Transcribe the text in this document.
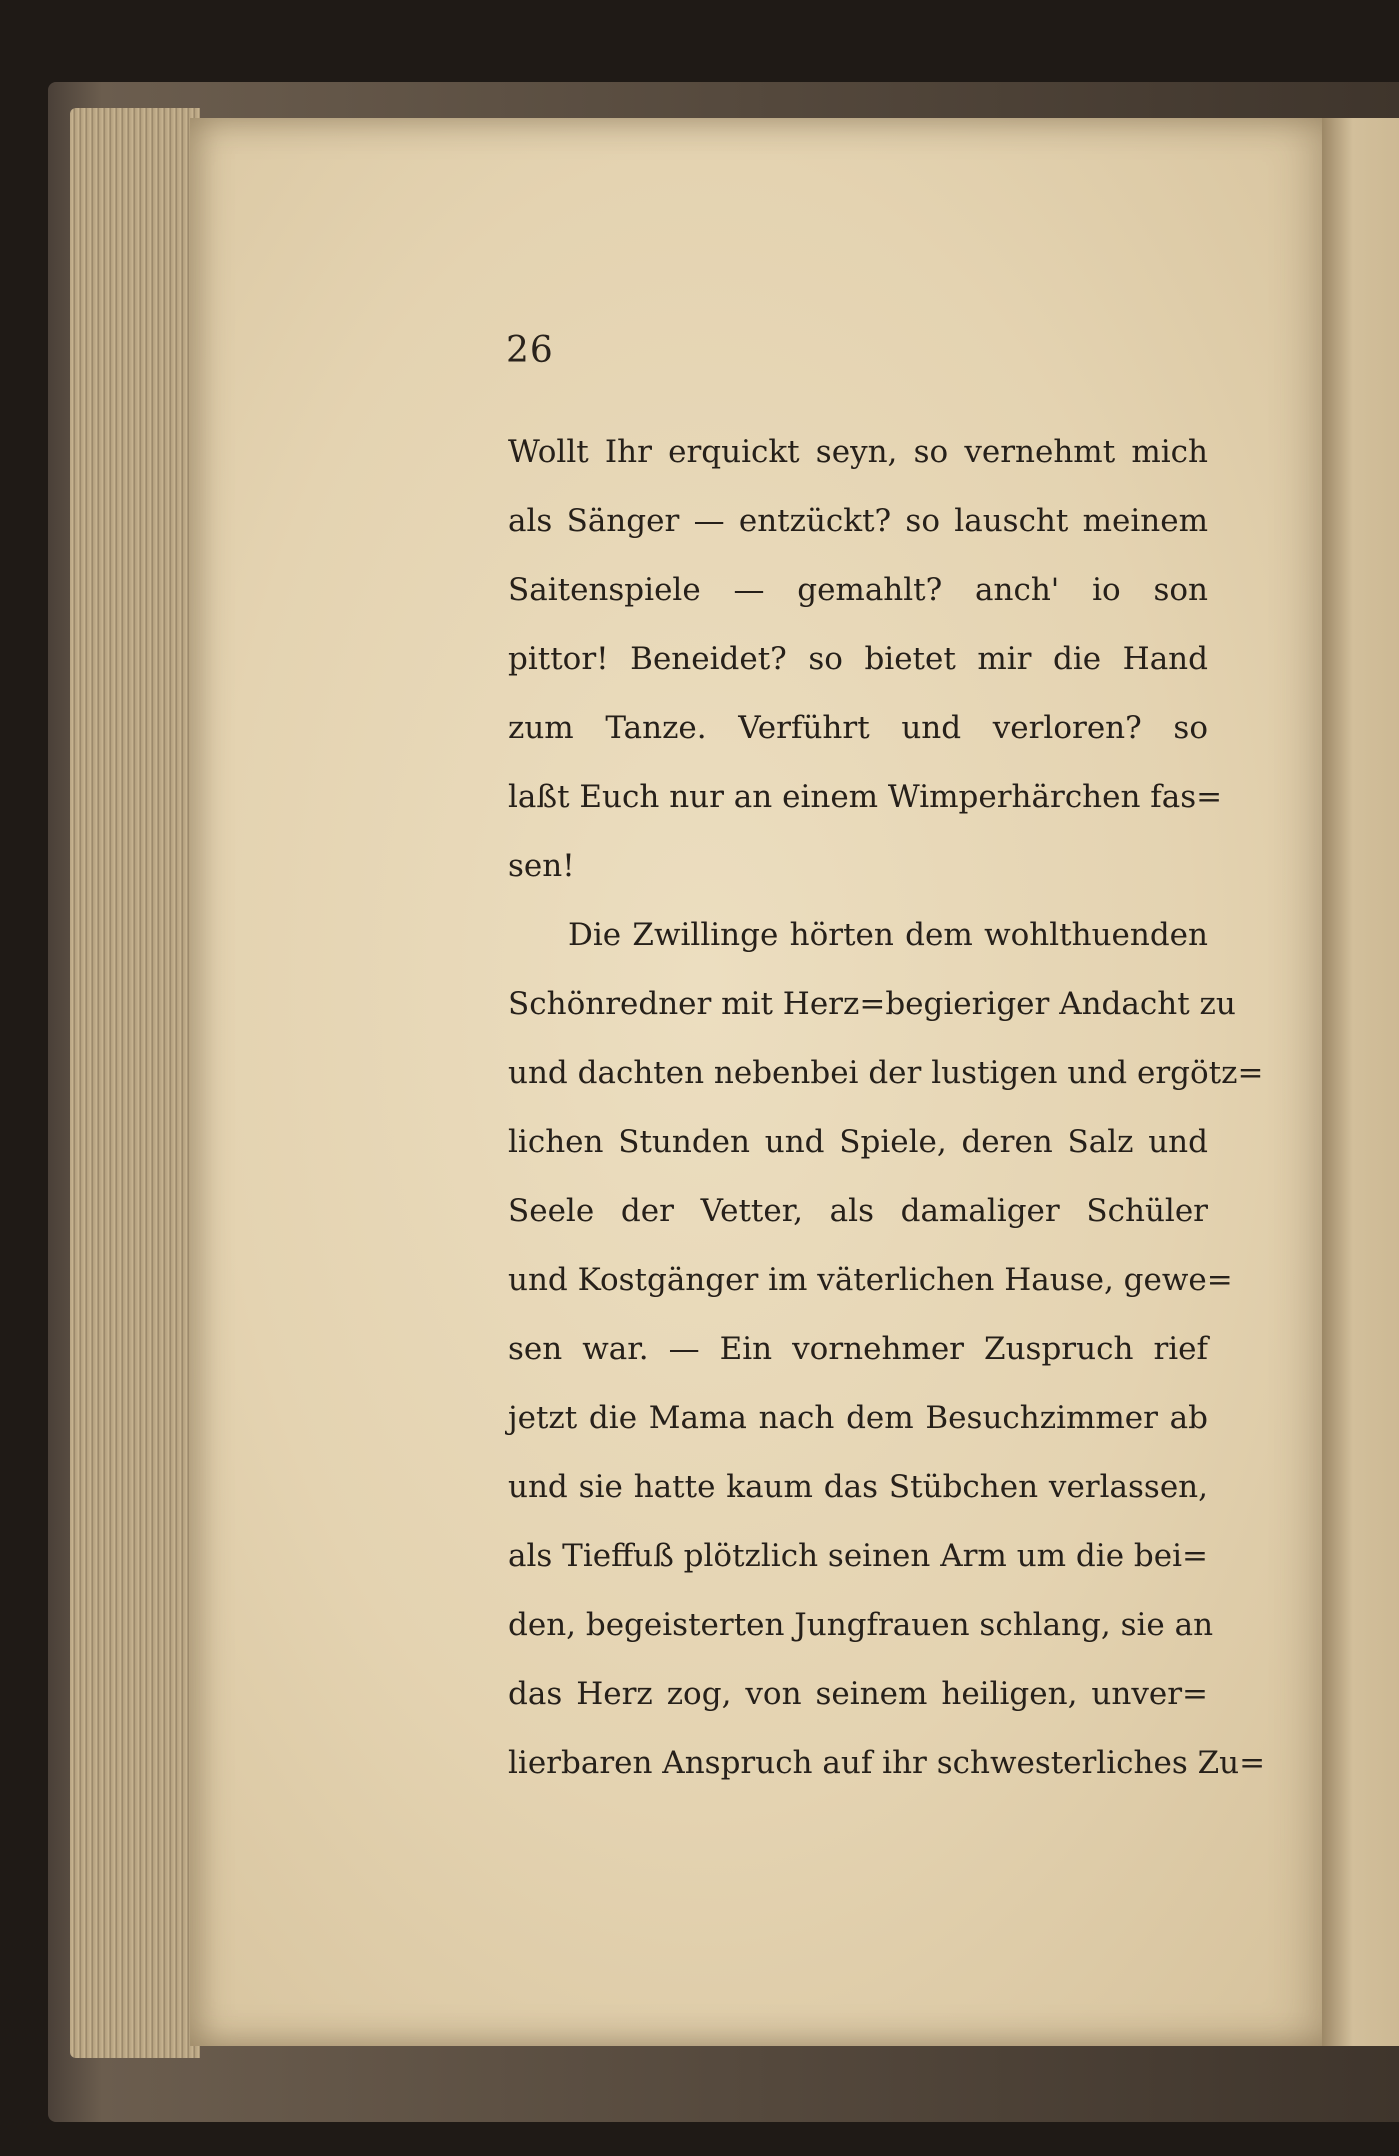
26
Wollt Ihr erquickt seyn, so vernehmt mich
als Sänger — entzückt? so lauscht meinem
Saitenspiele — gemahlt? anch' io son
pittor! Beneidet? so bietet mir die Hand
zum Tanze. Verführt und verloren? so
laßt Euch nur an einem Wimperhärchen fas=
sen!
Die Zwillinge hörten dem wohlthuenden
Schönredner mit Herz=begieriger Andacht zu
und dachten nebenbei der lustigen und ergötz=
lichen Stunden und Spiele, deren Salz und
Seele der Vetter, als damaliger Schüler
und Kostgänger im väterlichen Hause, gewe=
sen war. — Ein vornehmer Zuspruch rief
jetzt die Mama nach dem Besuchzimmer ab
und sie hatte kaum das Stübchen verlassen,
als Tieffuß plötzlich seinen Arm um die bei=
den, begeisterten Jungfrauen schlang, sie an
das Herz zog, von seinem heiligen, unver=
lierbaren Anspruch auf ihr schwesterliches Zu=
